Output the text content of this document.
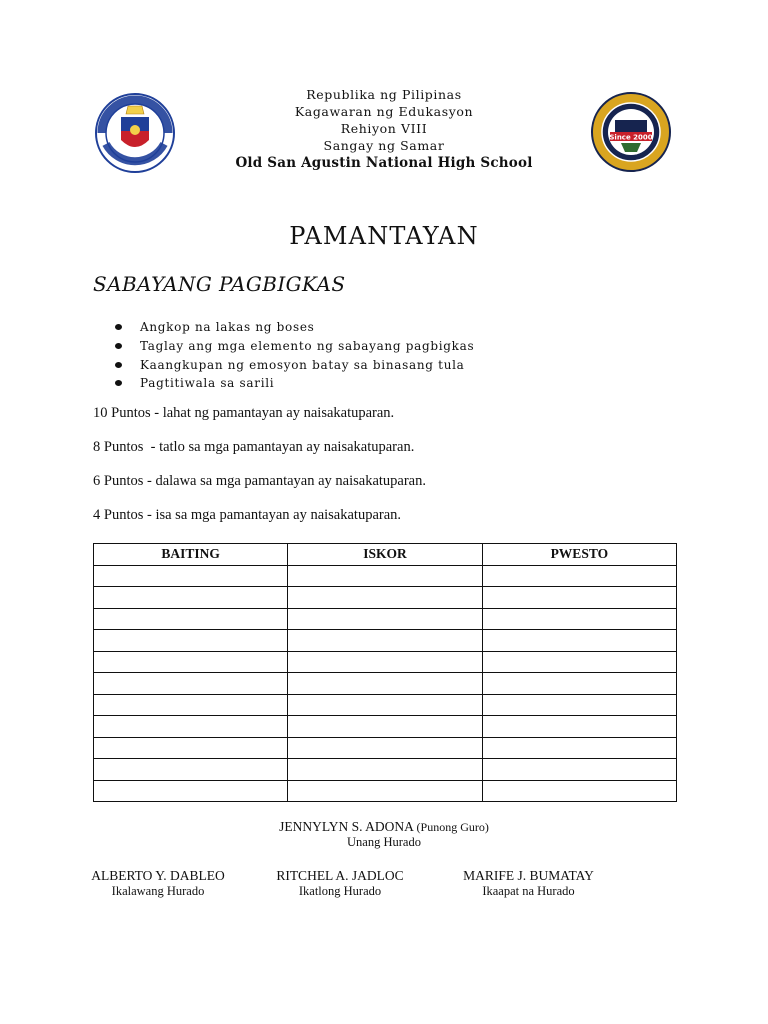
Since 2000
Republika ng Pilipinas
Kagawaran ng Edukasyon
Rehiyon VIII
Sangay ng Samar
Old San Agustin National High School
PAMANTAYAN
SABAYANG PAGBIGKAS
Angkop na lakas ng boses
Taglay ang mga elemento ng sabayang pagbigkas
Kaangkupan ng emosyon batay sa binasang tula
Pagtitiwala sa sarili

10 Puntos - lahat ng pamantayan ay naisakatuparan.

8 Puntos  - tatlo sa mga pamantayan ay naisakatuparan.

6 Puntos - dalawa sa mga pamantayan ay naisakatuparan.

4 Puntos - isa sa mga pamantayan ay naisakatuparan.

BAITING	ISKOR	PWESTO

JENNYLYN S. ADONA (Punong Guro)
Unang Hurado
ALBERTO Y. DABLEO
Ikalawang Hurado
RITCHEL A. JADLOC
Ikatlong Hurado
MARIFE J. BUMATAY
Ikaapat na Hurado
